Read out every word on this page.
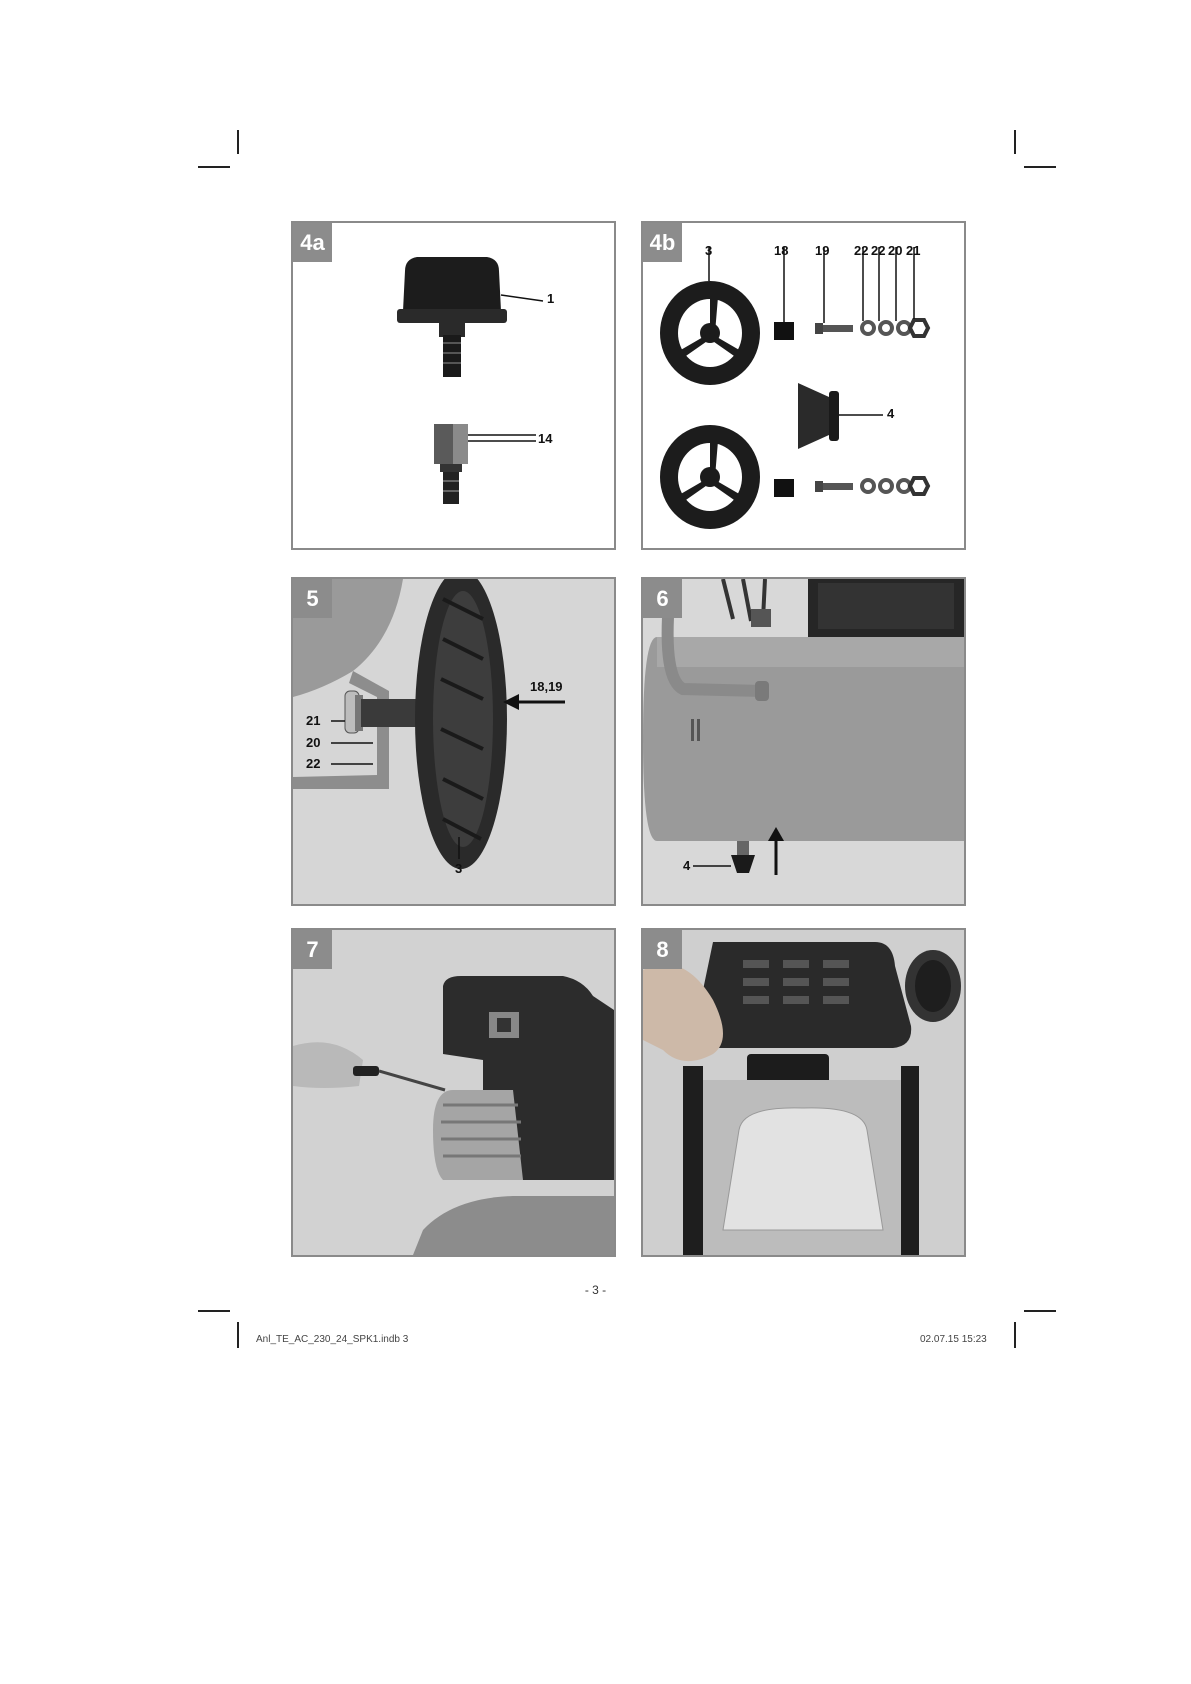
4a
1
14
4b	3	18 19 22 22 20 21
4
5
18,19
21
20
22
3
6
4
7	8
- 3 -
Anl_TE_AC_230_24_SPK1.indb 3	02.07.15 15:23
